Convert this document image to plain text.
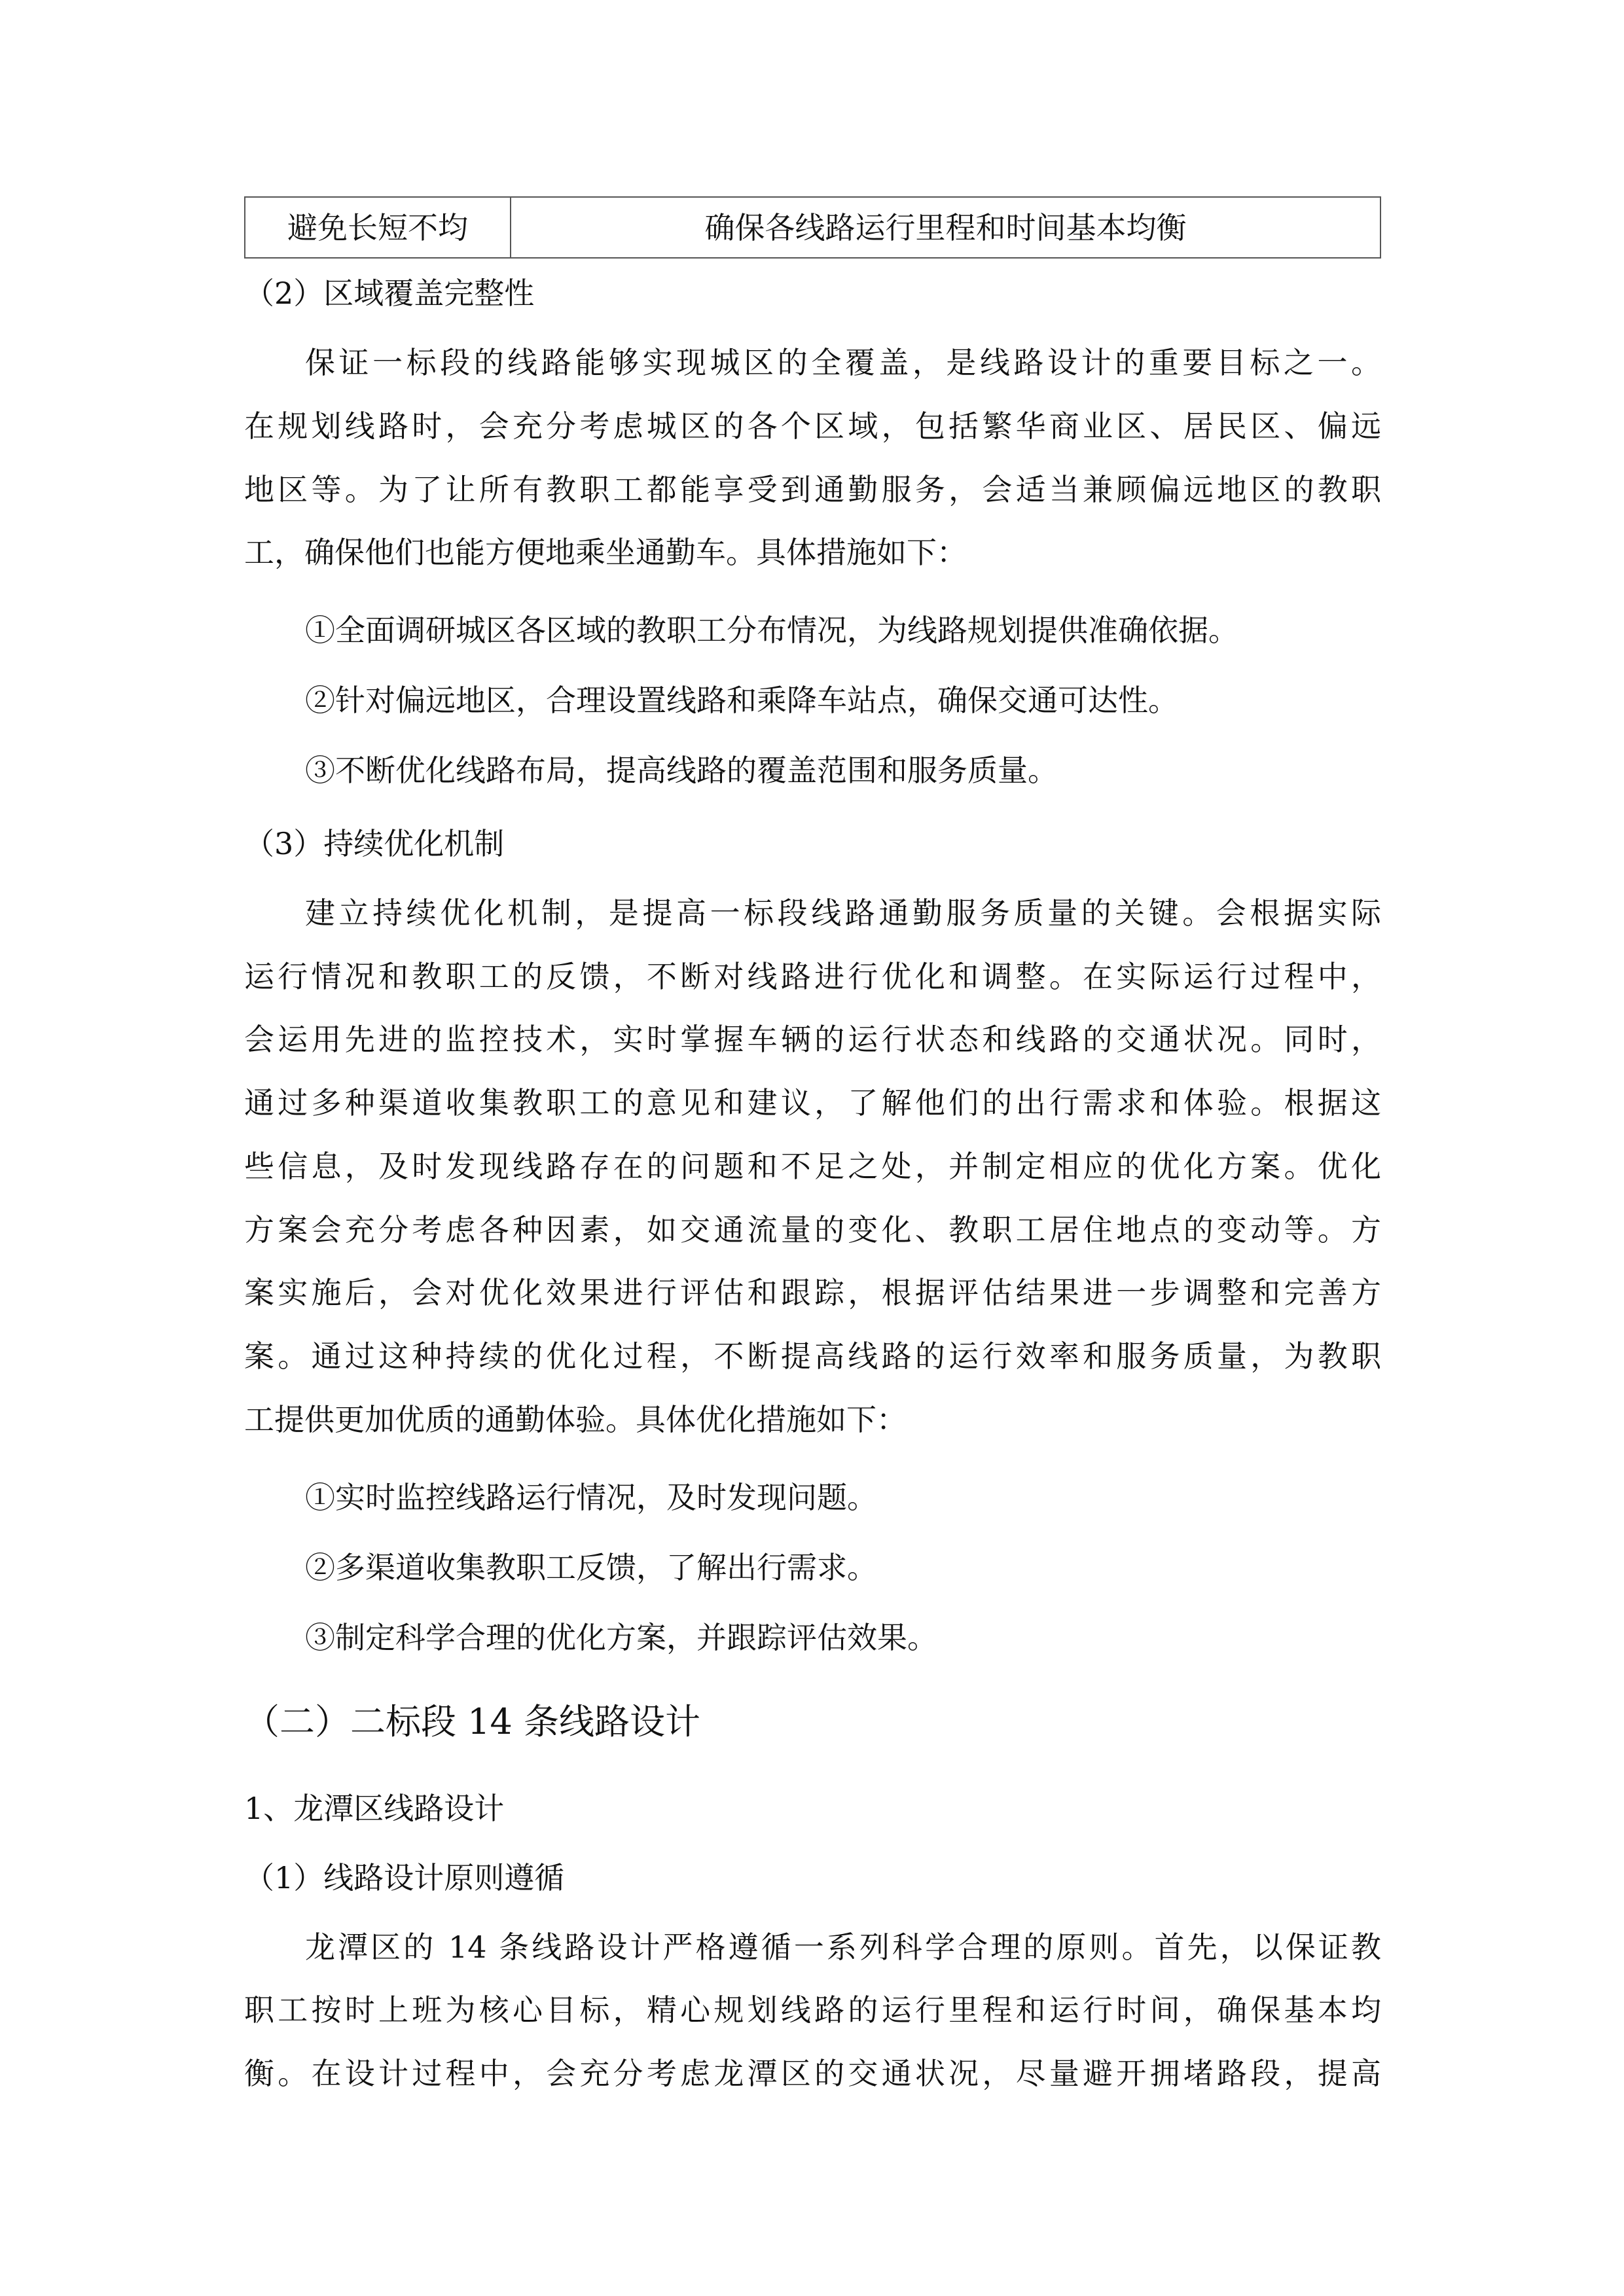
避免长短不均	确保各线路运行里程和时间基本均衡
（2）区域覆盖完整性
保证一标段的线路能够实现城区的全覆盖，是线路设计的重要目标之一。
在规划线路时，会充分考虑城区的各个区域，包括繁华商业区、居民区、偏远
地区等。为了让所有教职工都能享受到通勤服务，会适当兼顾偏远地区的教职
工，确保他们也能方便地乘坐通勤车。具体措施如下：
①全面调研城区各区域的教职工分布情况，为线路规划提供准确依据。
②针对偏远地区，合理设置线路和乘降车站点，确保交通可达性。
③不断优化线路布局，提高线路的覆盖范围和服务质量。
（3）持续优化机制
建立持续优化机制，是提高一标段线路通勤服务质量的关键。会根据实际
运行情况和教职工的反馈，不断对线路进行优化和调整。在实际运行过程中，
会运用先进的监控技术，实时掌握车辆的运行状态和线路的交通状况。同时，
通过多种渠道收集教职工的意见和建议，了解他们的出行需求和体验。根据这
些信息，及时发现线路存在的问题和不足之处，并制定相应的优化方案。优化
方案会充分考虑各种因素，如交通流量的变化、教职工居住地点的变动等。方
案实施后，会对优化效果进行评估和跟踪，根据评估结果进一步调整和完善方
案。通过这种持续的优化过程，不断提高线路的运行效率和服务质量，为教职
工提供更加优质的通勤体验。具体优化措施如下：
①实时监控线路运行情况，及时发现问题。
②多渠道收集教职工反馈，了解出行需求。
③制定科学合理的优化方案，并跟踪评估效果。
（二）二标段 14 条线路设计
1、龙潭区线路设计
（1）线路设计原则遵循
龙潭区的 14 条线路设计严格遵循一系列科学合理的原则。首先，以保证教
职工按时上班为核心目标，精心规划线路的运行里程和运行时间，确保基本均
衡。在设计过程中，会充分考虑龙潭区的交通状况，尽量避开拥堵路段，提高
